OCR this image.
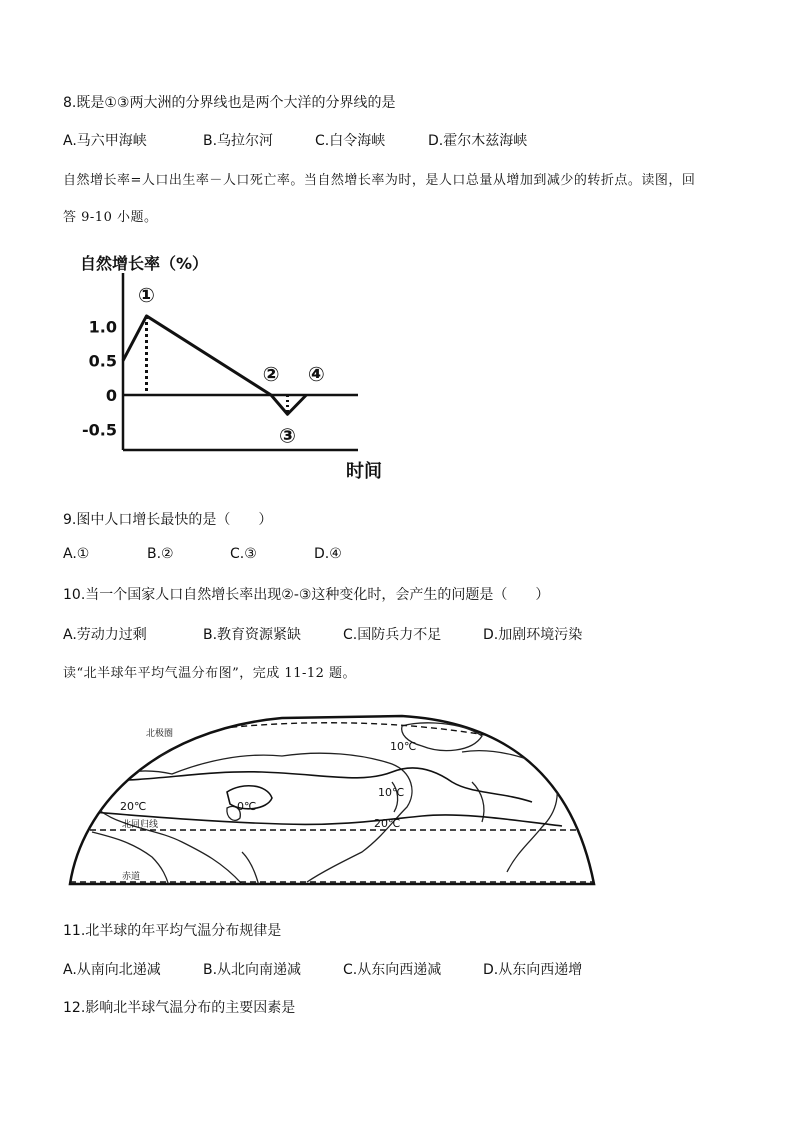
8.既是①③两大洲的分界线也是两个大洋的分界线的是
A.马六甲海峡	B.乌拉尔河	C.白令海峡	D.霍尔木兹海峡
自然增长率=人口出生率－人口死亡率。当自然增长率为时，是人口总量从增加到减少的转折点。读图，回
答 9-10 小题。
自然增长率（%）
时间
1.0
0.5
0
-0.5
①
②
③
④
9.图中人口增长最快的是（　　）
A.①	B.②	C.③	D.④
10.当一个国家人口自然增长率出现②-③这种变化时，会产生的问题是（　　）
A.劳动力过剩	B.教育资源紧缺	C.国防兵力不足	D.加剧环境污染
读“北半球年平均气温分布图”，完成 11-12 题。
10℃
10℃
20℃
20℃
0℃
北回归线
赤道
北极圈
11.北半球的年平均气温分布规律是
A.从南向北递减	B.从北向南递减	C.从东向西递减	D.从东向西递增
12.影响北半球气温分布的主要因素是
